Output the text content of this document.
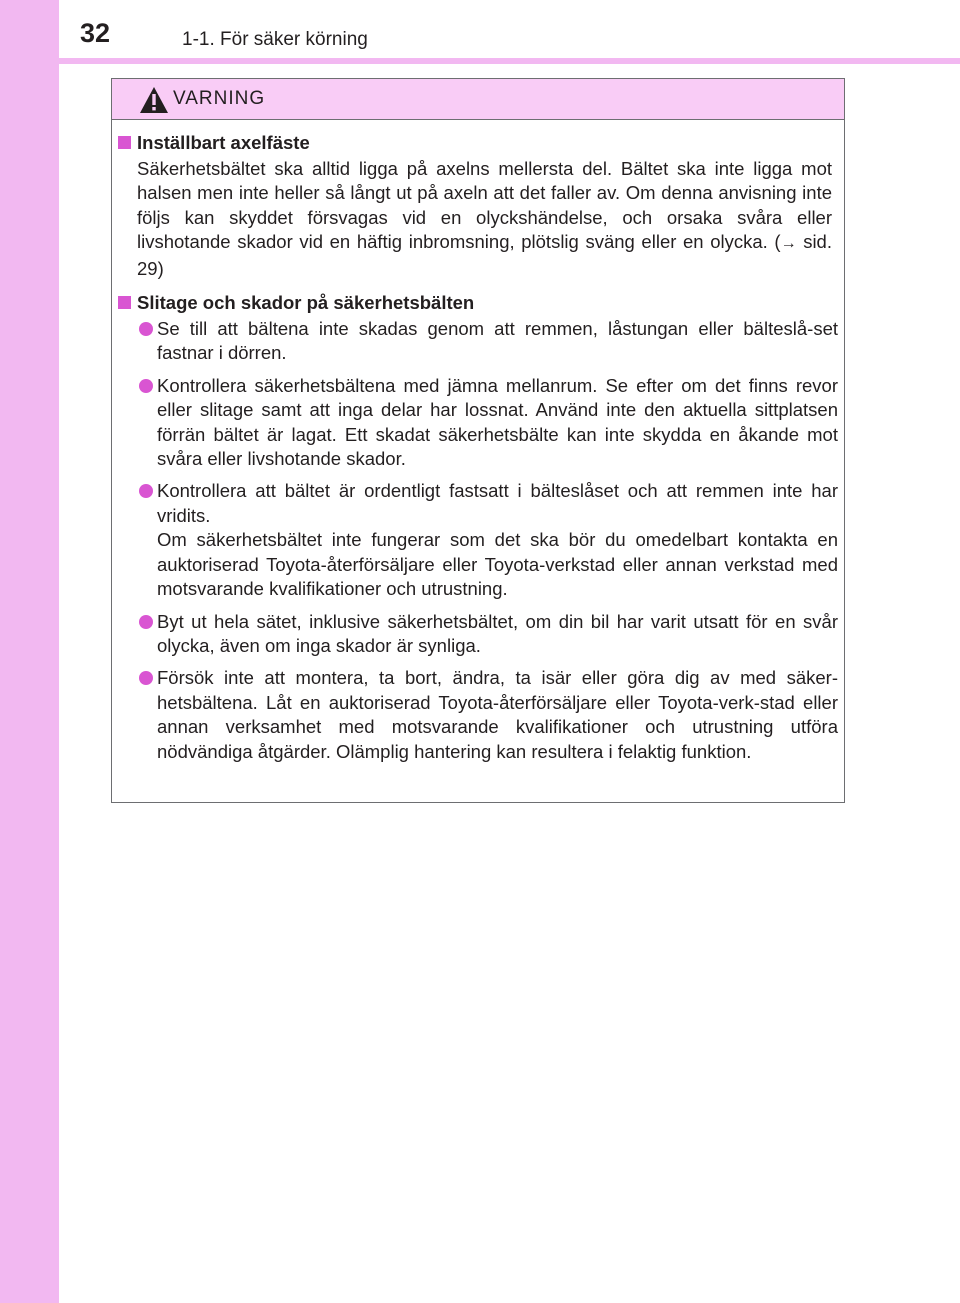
32	1-1. För säker körning
VARNING
Inställbart axelfäste
Säkerhetsbältet ska alltid ligga på axelns mellersta del. Bältet ska inte ligga mot halsen men inte heller så långt ut på axeln att det faller av. Om denna anvisning inte följs kan skyddet försvagas vid en olyckshändelse, och orsaka svåra eller livshotande skador vid en häftig inbromsning, plötslig sväng eller en olycka. (→ sid. 29)
Slitage och skador på säkerhetsbälten

Se till att bältena inte skadas genom att remmen, låstungan eller bälteslå-set fastnar i dörren.

Kontrollera säkerhetsbältena med jämna mellanrum. Se efter om det finns revor eller slitage samt att inga delar har lossnat. Använd inte den aktuella sittplatsen förrän bältet är lagat. Ett skadat säkerhetsbälte kan inte skydda en åkande mot svåra eller livshotande skador.

Kontrollera att bältet är ordentligt fastsatt i bälteslåset och att remmen inte har vridits.

Om säkerhetsbältet inte fungerar som det ska bör du omedelbart kontakta en auktoriserad Toyota-återförsäljare eller Toyota-verkstad eller annan verkstad med motsvarande kvalifikationer och utrustning.

Byt ut hela sätet, inklusive säkerhetsbältet, om din bil har varit utsatt för en svår olycka, även om inga skador är synliga.

Försök inte att montera, ta bort, ändra, ta isär eller göra dig av med säker-hetsbältena. Låt en auktoriserad Toyota-återförsäljare eller Toyota-verk-stad eller annan verksamhet med motsvarande kvalifikationer och utrustning utföra nödvändiga åtgärder. Olämplig hantering kan resultera i felaktig funktion.
